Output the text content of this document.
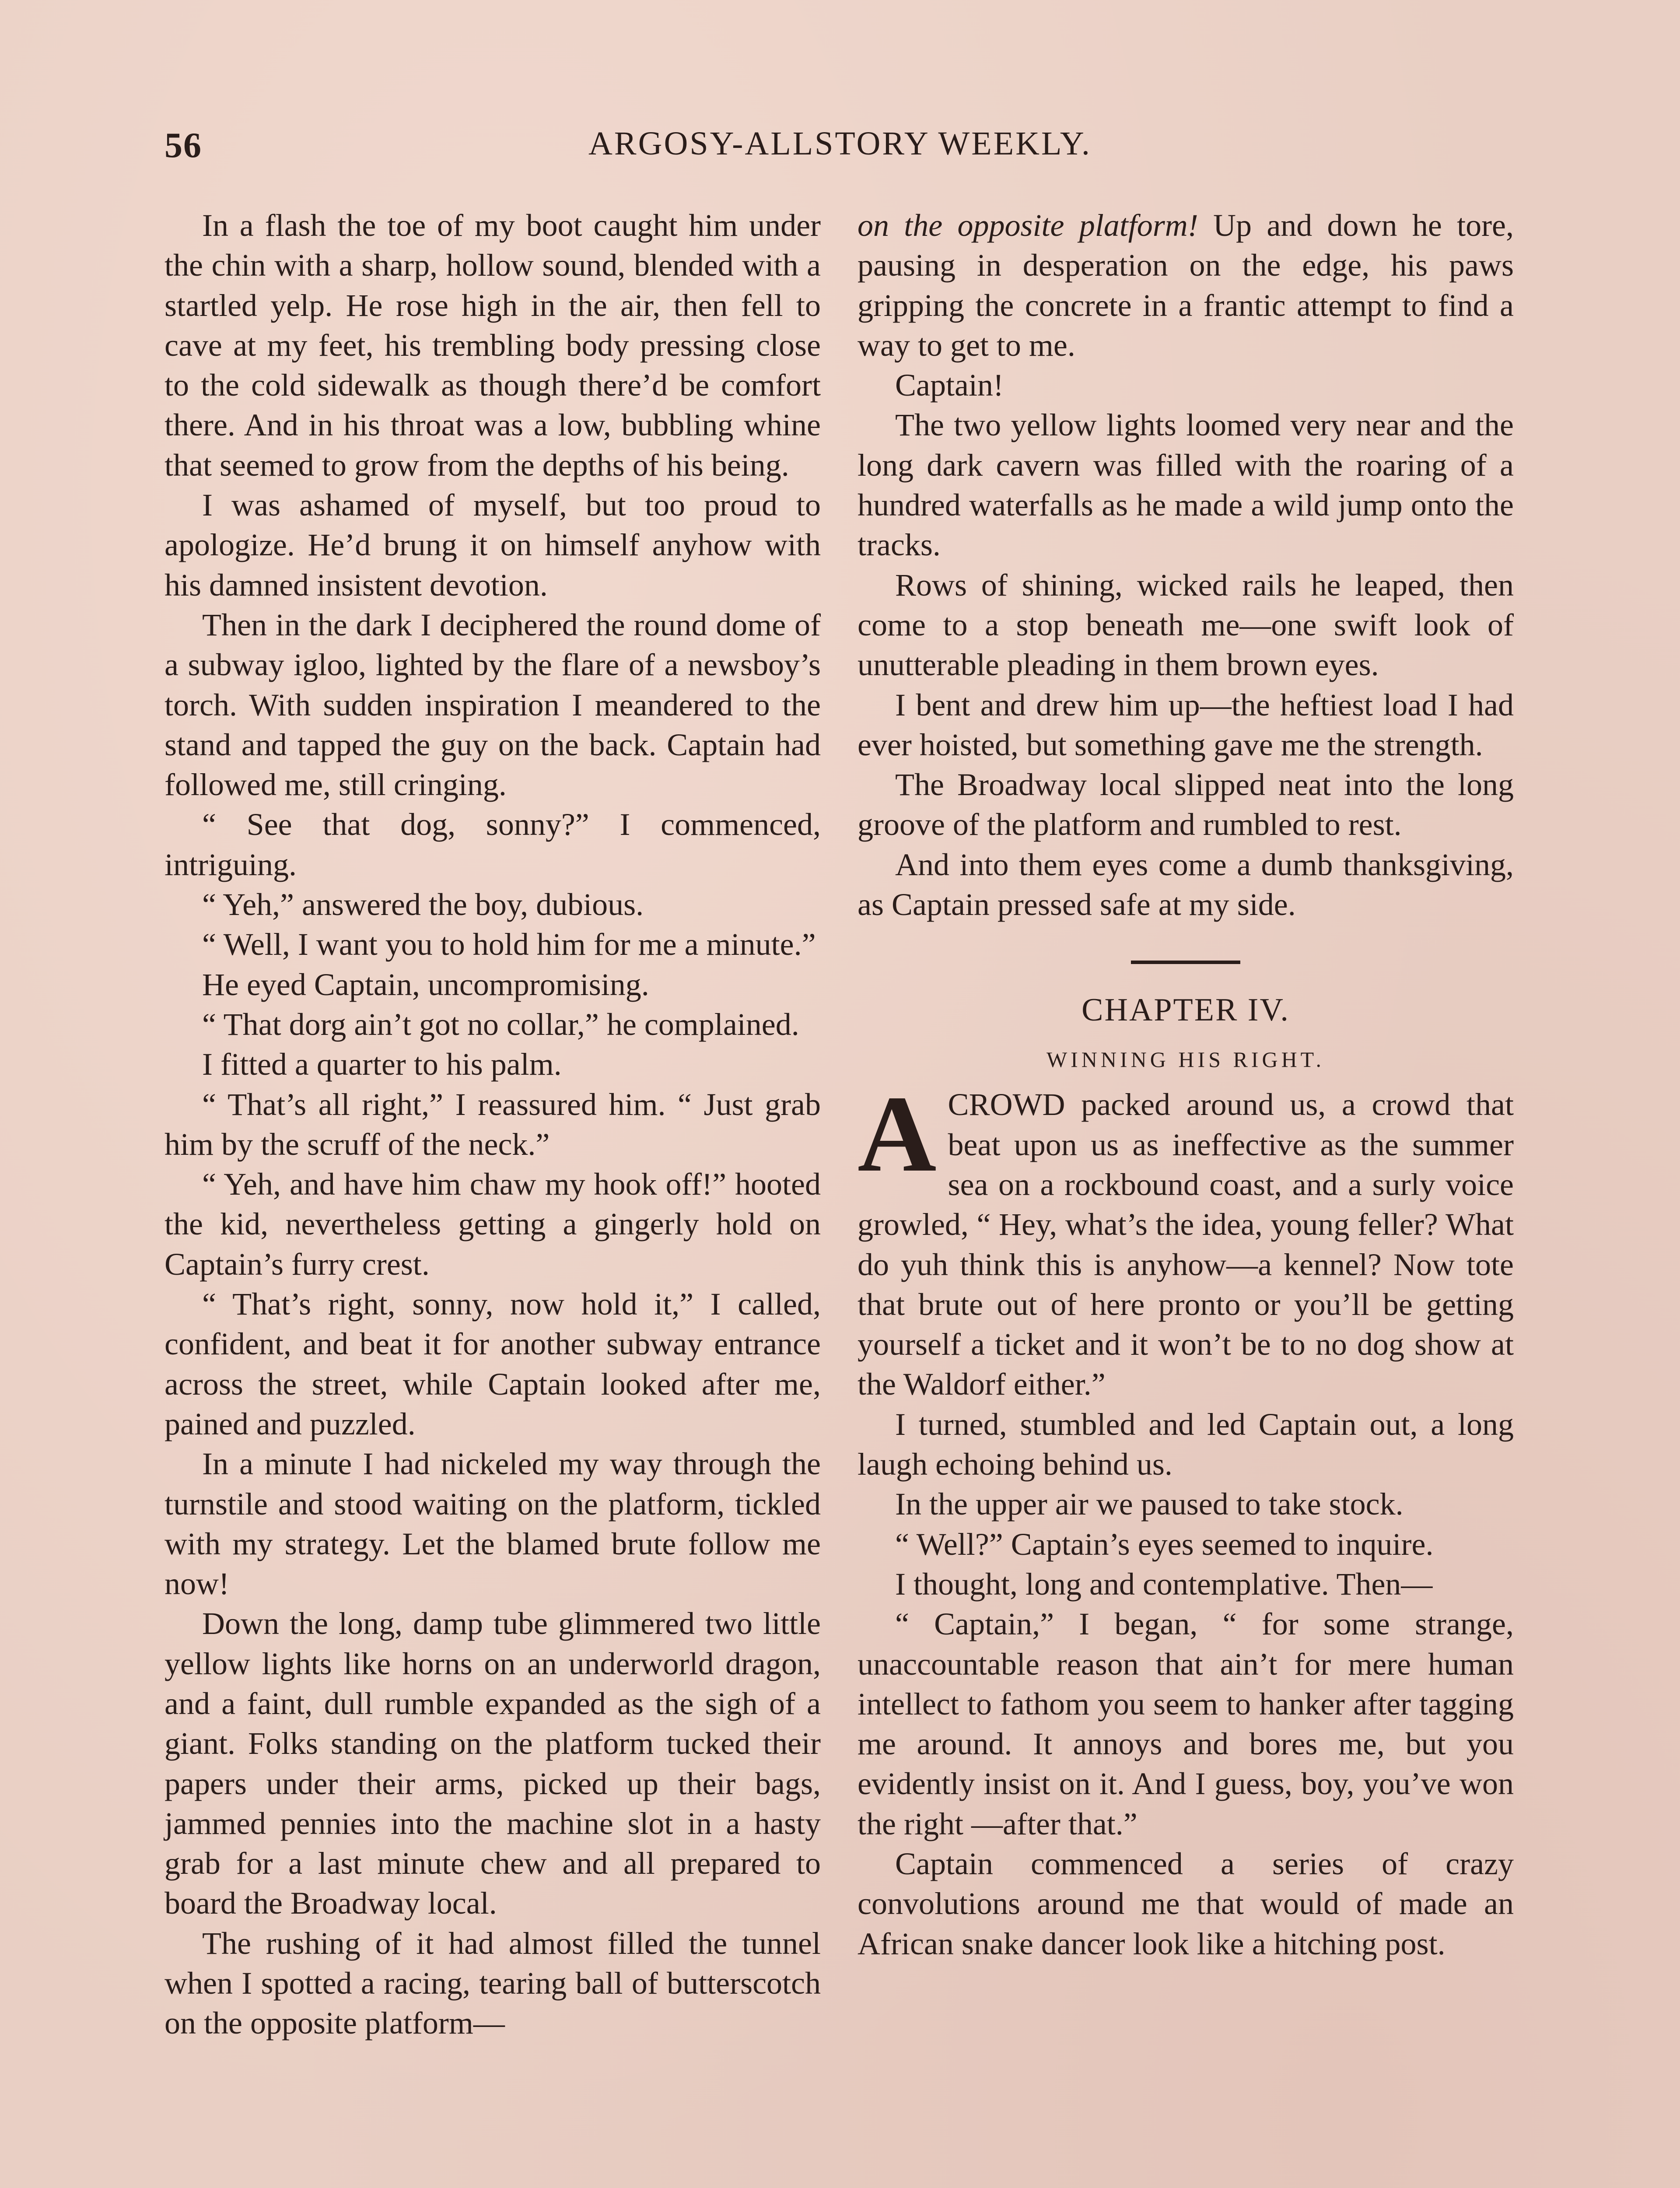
56	ARGOSY-ALLSTORY WEEKLY.

In a flash the toe of my boot caught him under the chin with a sharp, hollow sound, blended with a startled yelp. He rose high in the air, then fell to cave at my feet, his trembling body pressing close to the cold sidewalk as though there’d be comfort there. And in his throat was a low, bubbling whine that seemed to grow from the depths of his being.

I was ashamed of myself, but too proud to apologize. He’d brung it on himself anyhow with his damned insistent devotion.

Then in the dark I deciphered the round dome of a subway igloo, lighted by the flare of a newsboy’s torch. With sudden inspiration I meandered to the stand and tapped the guy on the back. Captain had followed me, still cringing.

“ See that dog, sonny?” I commenced, intriguing.

“ Yeh,” answered the boy, dubious.

“ Well, I want you to hold him for me a minute.”

He eyed Captain, uncompromising.

“ That dorg ain’t got no collar,” he complained.

I fitted a quarter to his palm.

“ That’s all right,” I reassured him. “ Just grab him by the scruff of the neck.”

“ Yeh, and have him chaw my hook off!” hooted the kid, nevertheless getting a gingerly hold on Captain’s furry crest.

“ That’s right, sonny, now hold it,” I called, confident, and beat it for another subway entrance across the street, while Captain looked after me, pained and puzzled.

In a minute I had nickeled my way through the turnstile and stood waiting on the platform, tickled with my strategy. Let the blamed brute follow me now!

Down the long, damp tube glimmered two little yellow lights like horns on an underworld dragon, and a faint, dull rumble expanded as the sigh of a giant. Folks standing on the platform tucked their papers under their arms, picked up their bags, jammed pennies into the machine slot in a hasty grab for a last minute chew and all prepared to board the Broadway local.

The rushing of it had almost filled the tunnel when I spotted a racing, tearing ball of butterscotch on the opposite platform—

on the opposite platform! Up and down he tore, pausing in desperation on the edge, his paws gripping the concrete in a frantic attempt to find a way to get to me.

Captain!

The two yellow lights loomed very near and the long dark cavern was filled with the roaring of a hundred waterfalls as he made a wild jump onto the tracks.

Rows of shining, wicked rails he leaped, then come to a stop beneath me—one swift look of unutterable pleading in them brown eyes.

I bent and drew him up—the heftiest load I had ever hoisted, but something gave me the strength.

The Broadway local slipped neat into the long groove of the platform and rumbled to rest.

And into them eyes come a dumb thanksgiving, as Captain pressed safe at my side.

CHAPTER IV.
WINNING HIS RIGHT.

ACROWD packed around us, a crowd that beat upon us as ineffective as the summer sea on a rockbound coast, and a surly voice growled, “ Hey, what’s the idea, young feller? What do yuh think this is anyhow—a kennel? Now tote that brute out of here pronto or you’ll be getting yourself a ticket and it won’t be to no dog show at the Waldorf either.”

I turned, stumbled and led Captain out, a long laugh echoing behind us.

In the upper air we paused to take stock.

“ Well?” Captain’s eyes seemed to inquire.

I thought, long and contemplative. Then—

“ Captain,” I began, “ for some strange, unaccountable reason that ain’t for mere human intellect to fathom you seem to hanker after tagging me around. It annoys and bores me, but you evidently insist on it. And I guess, boy, you’ve won the right —after that.”

Captain commenced a series of crazy convolutions around me that would of made an African snake dancer look like a hitching post.
